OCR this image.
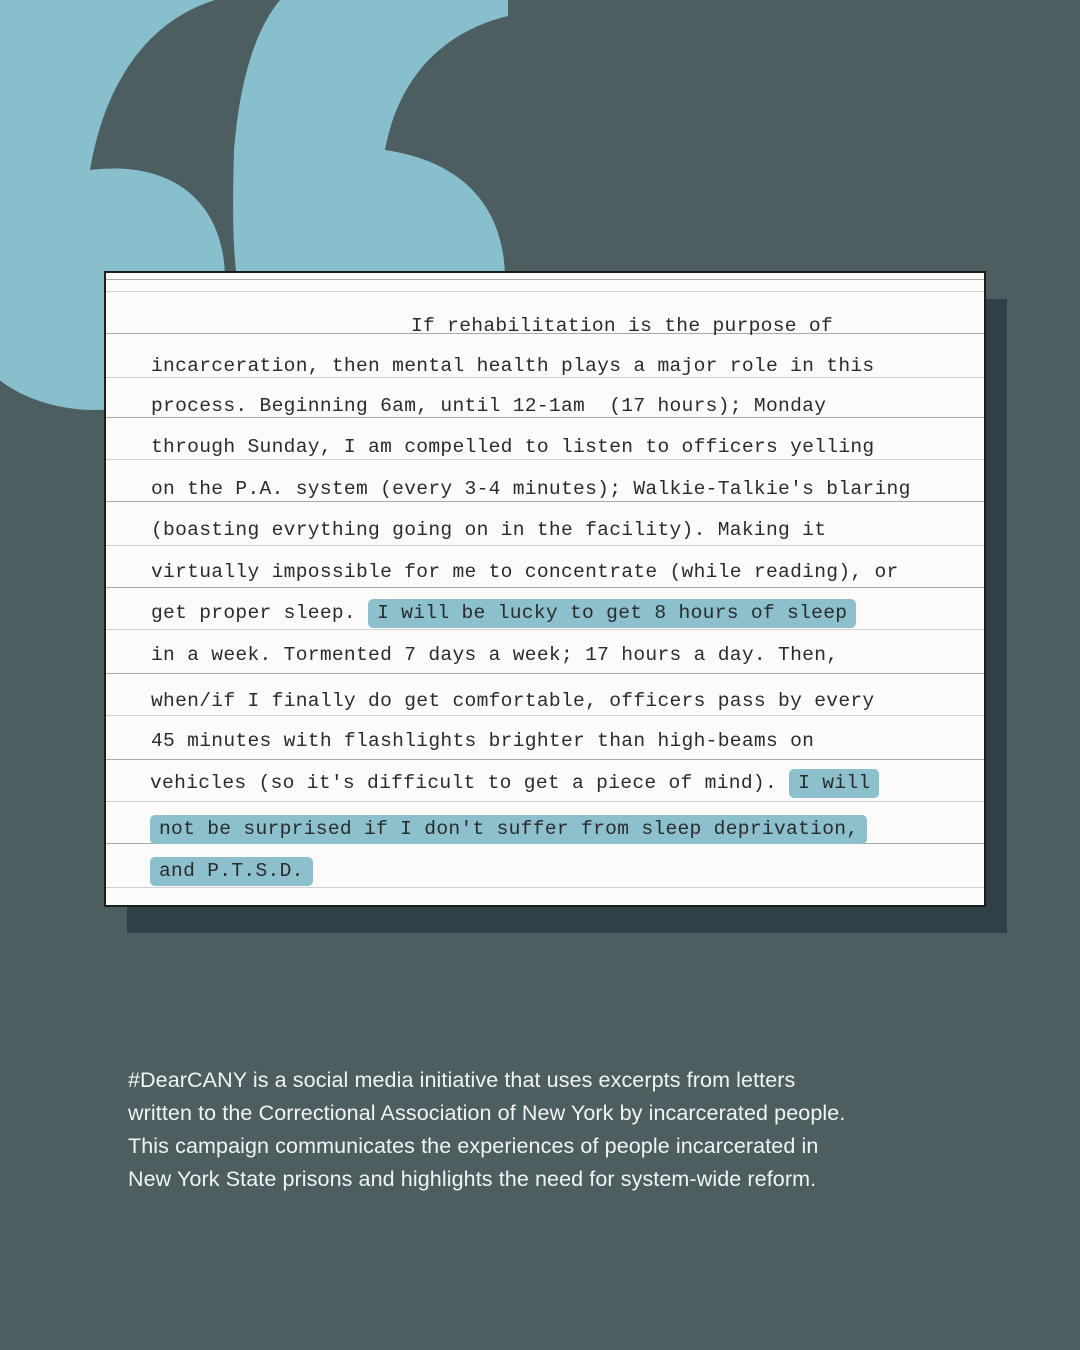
If rehabilitation is the purpose of
incarceration, then mental health plays a major role in this
process. Beginning 6am, until 12-1am  (17 hours); Monday
through Sunday, I am compelled to listen to officers yelling
on the P.A. system (every 3-4 minutes); Walkie-Talkie's blaring
(boasting evrything going on in the facility). Making it
virtually impossible for me to concentrate (while reading), or
get proper sleep. I will be lucky to get 8 hours of sleep
in a week. Tormented 7 days a week; 17 hours a day. Then,
when/if I finally do get comfortable, officers pass by every
45 minutes with flashlights brighter than high-beams on
vehicles (so it's difficult to get a piece of mind). I will
not be surprised if I don't suffer from sleep deprivation,
and P.T.S.D.

#DearCANY is a social media initiative that uses excerpts from letters

written to the Correctional Association of New York by incarcerated people.

This campaign communicates the experiences of people incarcerated in

New York State prisons and highlights the need for system-wide reform.
